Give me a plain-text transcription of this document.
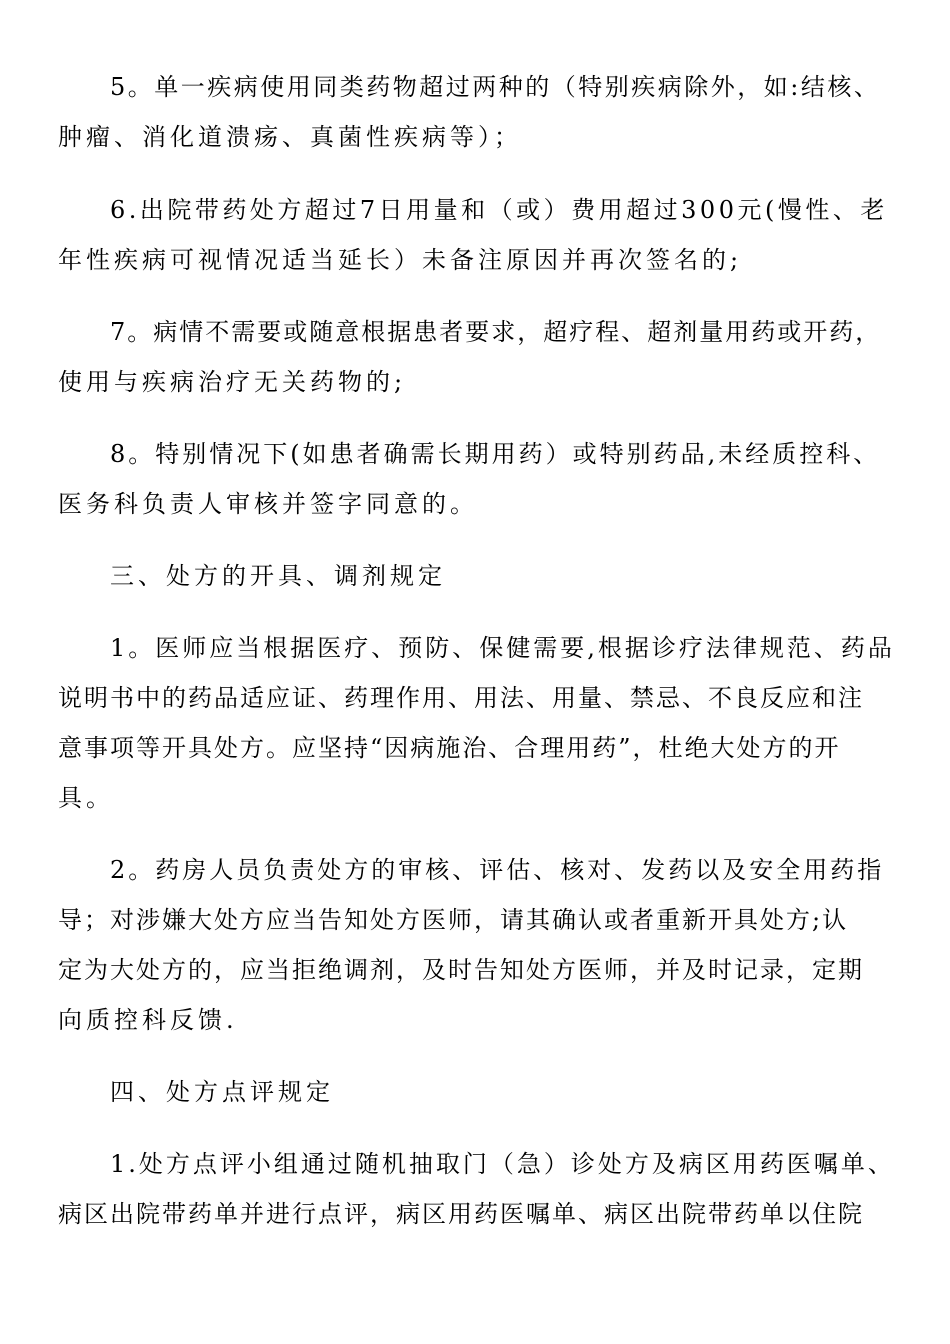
5。单一疾病使用同类药物超过两种的（特别疾病除外，如:结核、
肿瘤、消化道溃疡、真菌性疾病等）；
6.出院带药处方超过7日用量和（或）费用超过300元(慢性、老
年性疾病可视情况适当延长）未备注原因并再次签名的;
7。病情不需要或随意根据患者要求，超疗程、超剂量用药或开药，
使用与疾病治疗无关药物的;
8。特别情况下(如患者确需长期用药）或特别药品,未经质控科、
医务科负责人审核并签字同意的。
三、处方的开具、调剂规定
1。医师应当根据医疗、预防、保健需要,根据诊疗法律规范、药品
说明书中的药品适应证、药理作用、用法、用量、禁忌、不良反应和注
意事项等开具处方。应坚持“因病施治、合理用药”，杜绝大处方的开
具。
2。药房人员负责处方的审核、评估、核对、发药以及安全用药指
导；对涉嫌大处方应当告知处方医师，请其确认或者重新开具处方;认
定为大处方的，应当拒绝调剂，及时告知处方医师，并及时记录，定期
向质控科反馈.
四、处方点评规定
1.处方点评小组通过随机抽取门（急）诊处方及病区用药医嘱单、
病区出院带药单并进行点评，病区用药医嘱单、病区出院带药单以住院
